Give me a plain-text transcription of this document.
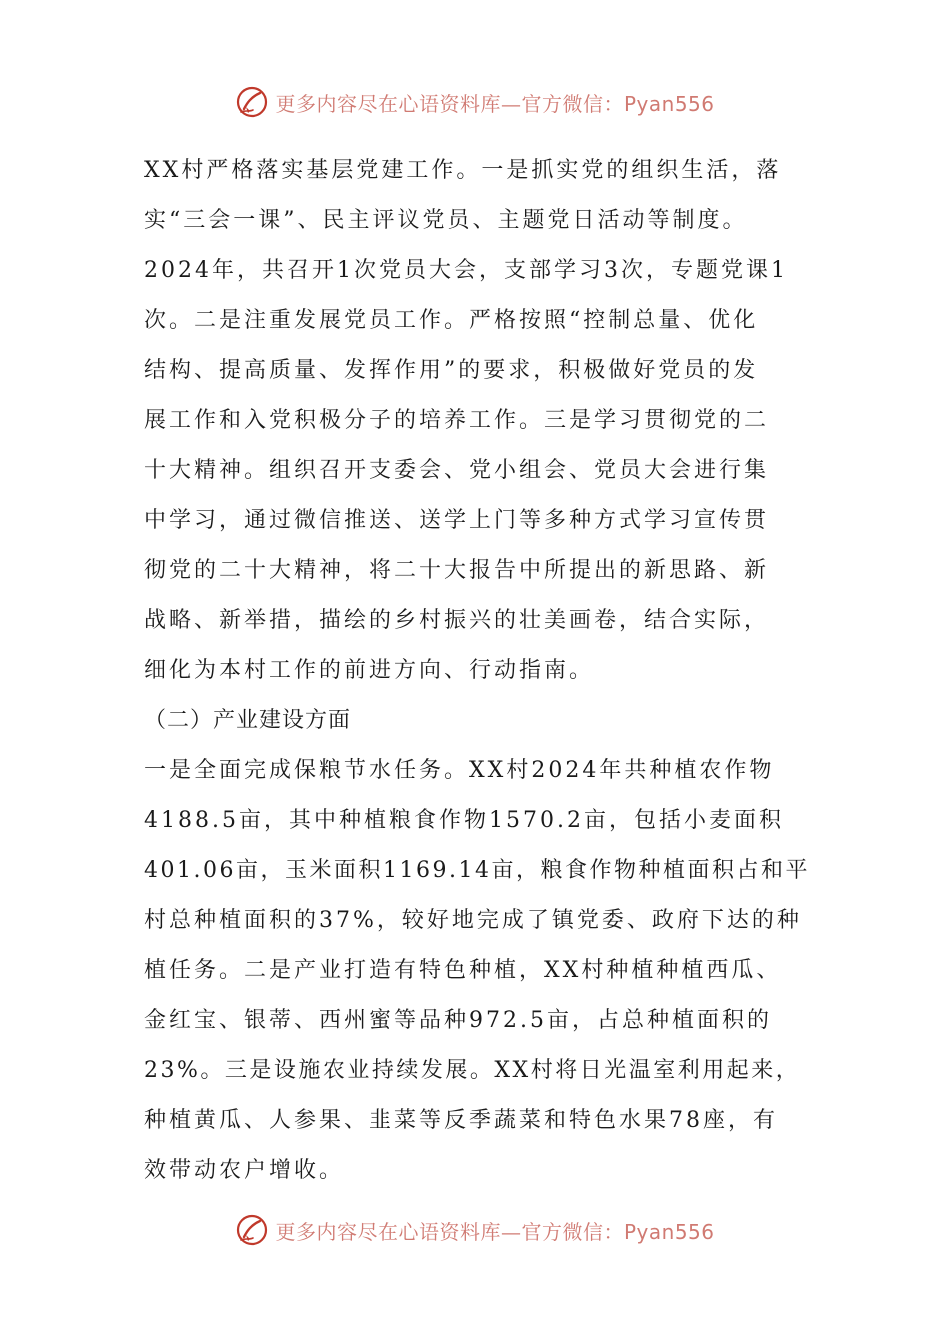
更多内容尽在心语资料库—官方微信：Pyan556
XX村严格落实基层党建工作。一是抓实党的组织生活，落
实“三会一课”、民主评议党员、主题党日活动等制度。
2024年，共召开1次党员大会，支部学习3次，专题党课1
次。二是注重发展党员工作。严格按照“控制总量、优化
结构、提高质量、发挥作用”的要求，积极做好党员的发
展工作和入党积极分子的培养工作。三是学习贯彻党的二
十大精神。组织召开支委会、党小组会、党员大会进行集
中学习，通过微信推送、送学上门等多种方式学习宣传贯
彻党的二十大精神，将二十大报告中所提出的新思路、新
战略、新举措，描绘的乡村振兴的壮美画卷，结合实际，
细化为本村工作的前进方向、行动指南。
（二）产业建设方面
一是全面完成保粮节水任务。XX村2024年共种植农作物
4188.5亩，其中种植粮食作物1570.2亩，包括小麦面积
401.06亩，玉米面积1169.14亩，粮食作物种植面积占和平
村总种植面积的37%，较好地完成了镇党委、政府下达的种
植任务。二是产业打造有特色种植，XX村种植种植西瓜、
金红宝、银蒂、西州蜜等品种972.5亩，占总种植面积的
23%。三是设施农业持续发展。XX村将日光温室利用起来，
种植黄瓜、人参果、韭菜等反季蔬菜和特色水果78座，有
效带动农户增收。
更多内容尽在心语资料库—官方微信：Pyan556
